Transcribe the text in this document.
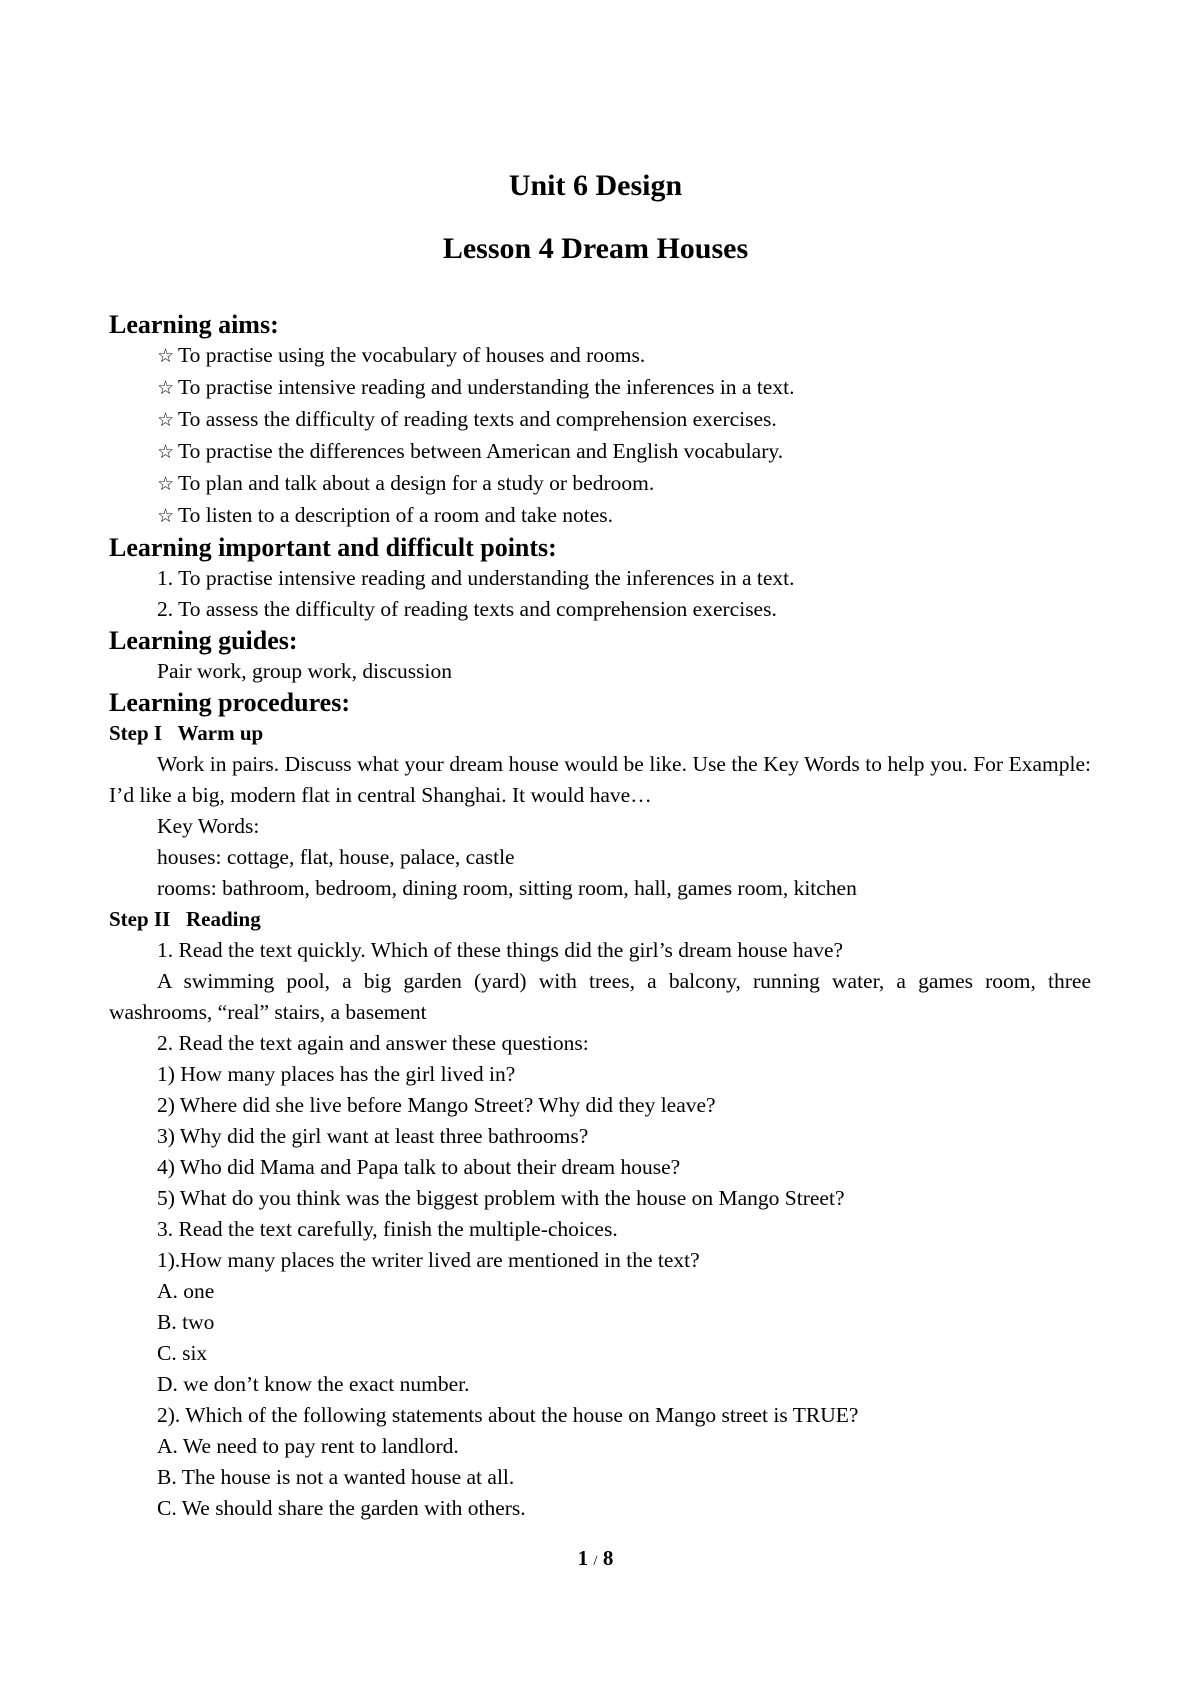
Unit 6 Design
Lesson 4 Dream Houses

Learning aims:

☆ To practise using the vocabulary of houses and rooms.

☆ To practise intensive reading and understanding the inferences in a text.

☆ To assess the difficulty of reading texts and comprehension exercises.

☆ To practise the differences between American and English vocabulary.

☆ To plan and talk about a design for a study or bedroom.

☆ To listen to a description of a room and take notes.

Learning important and difficult points:

1. To practise intensive reading and understanding the inferences in a text.

2. To assess the difficulty of reading texts and comprehension exercises.

Learning guides:

Pair work, group work, discussion

Learning procedures:

Step I   Warm up

Work in pairs. Discuss what your dream house would be like. Use the Key Words to help you. For Example: I’d like a big, modern flat in central Shanghai. It would have…

Key Words:

houses: cottage, flat, house, palace, castle

rooms: bathroom, bedroom, dining room, sitting room, hall, games room, kitchen

Step II   Reading

1. Read the text quickly. Which of these things did the girl’s dream house have?

A swimming pool, a big garden (yard) with trees, a balcony, running water, a games room, three washrooms, “real” stairs, a basement

2. Read the text again and answer these questions:

1) How many places has the girl lived in?

2) Where did she live before Mango Street? Why did they leave?

3) Why did the girl want at least three bathrooms?

4) Who did Mama and Papa talk to about their dream house?

5) What do you think was the biggest problem with the house on Mango Street?

3. Read the text carefully, finish the multiple-choices.

1).How many places the writer lived are mentioned in the text?

A. one

B. two

C. six

D. we don’t know the exact number.

2). Which of the following statements about the house on Mango street is TRUE?

A. We need to pay rent to landlord.

B. The house is not a wanted house at all.

C. We should share the garden with others.

1 / 8
